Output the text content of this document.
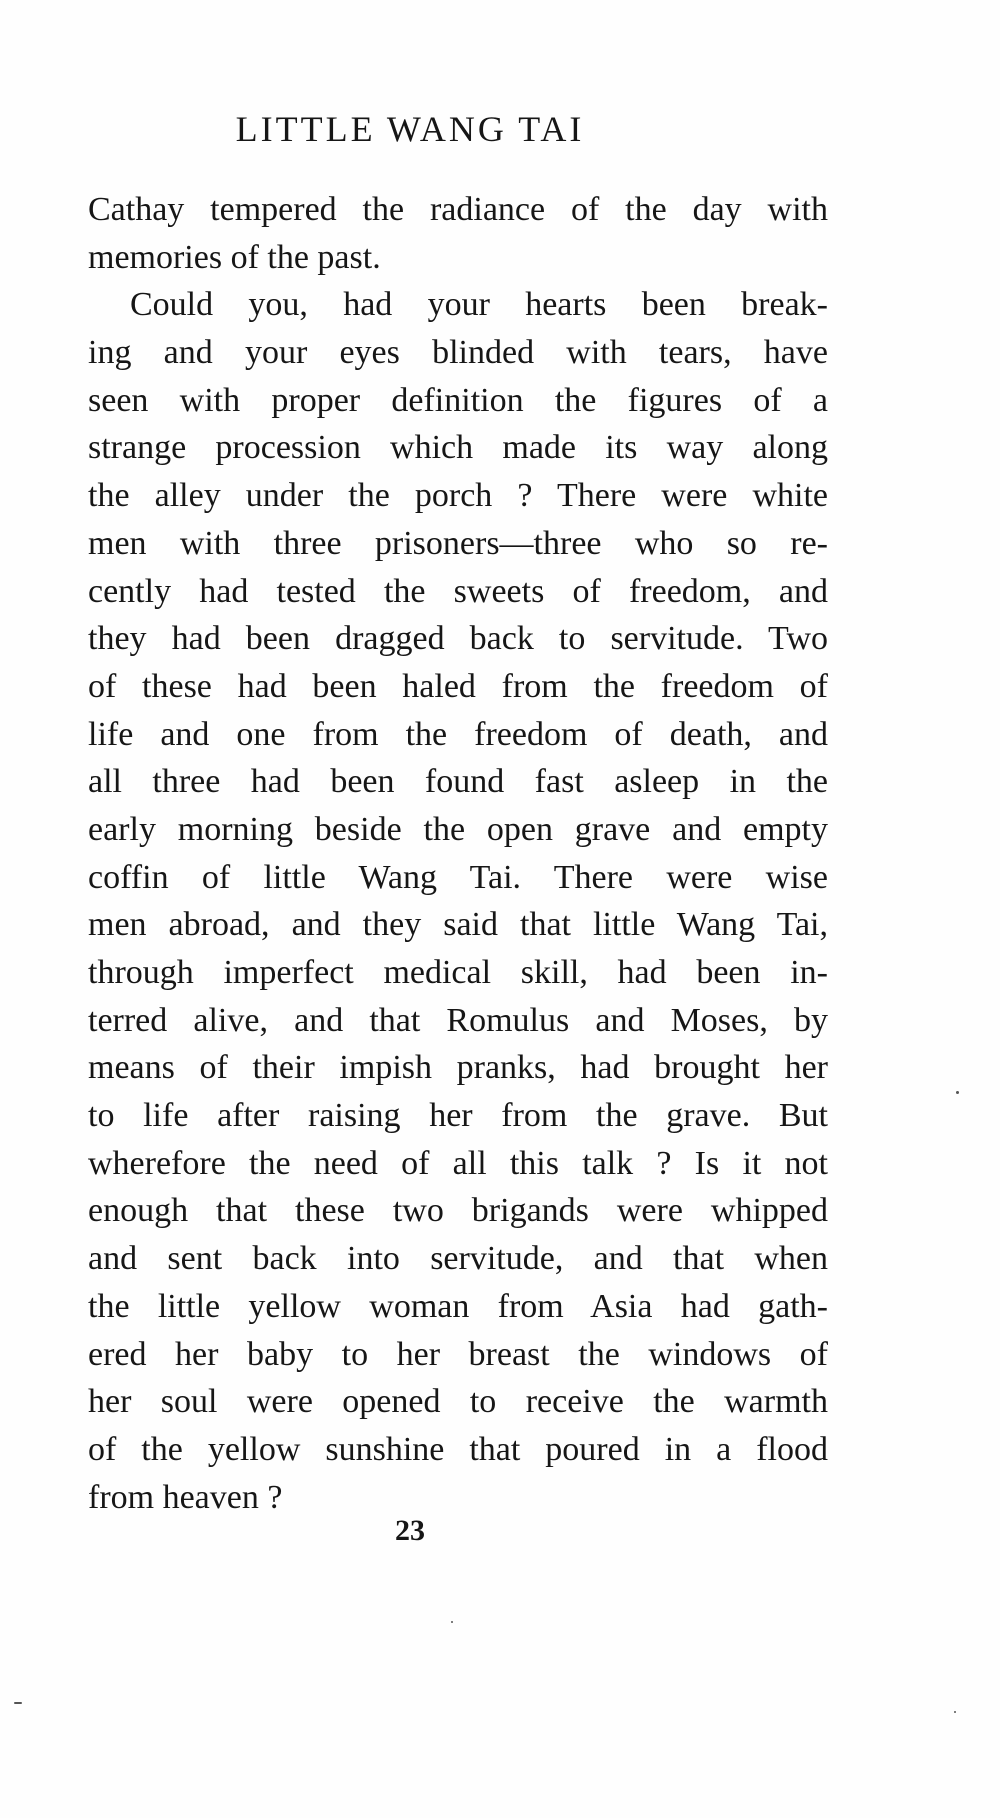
LITTLE WANG TAI
Cathay tempered the radiance of the day with
memories of the past.
Could you, had your hearts been break-
ing and your eyes blinded with tears, have
seen with proper definition the figures of a
strange procession which made its way along
the alley under the porch ? There were white
men with three prisoners—three who so re-
cently had tested the sweets of freedom, and
they had been dragged back to servitude. Two
of these had been haled from the freedom of
life and one from the freedom of death, and
all three had been found fast asleep in the
early morning beside the open grave and empty
coffin of little Wang Tai. There were wise
men abroad, and they said that little Wang Tai,
through imperfect medical skill, had been in-
terred alive, and that Romulus and Moses, by
means of their impish pranks, had brought her
to life after raising her from the grave. But
wherefore the need of all this talk ? Is it not
enough that these two brigands were whipped
and sent back into servitude, and that when
the little yellow woman from Asia had gath-
ered her baby to her breast the windows of
her soul were opened to receive the warmth
of the yellow sunshine that poured in a flood
from heaven ?
23
